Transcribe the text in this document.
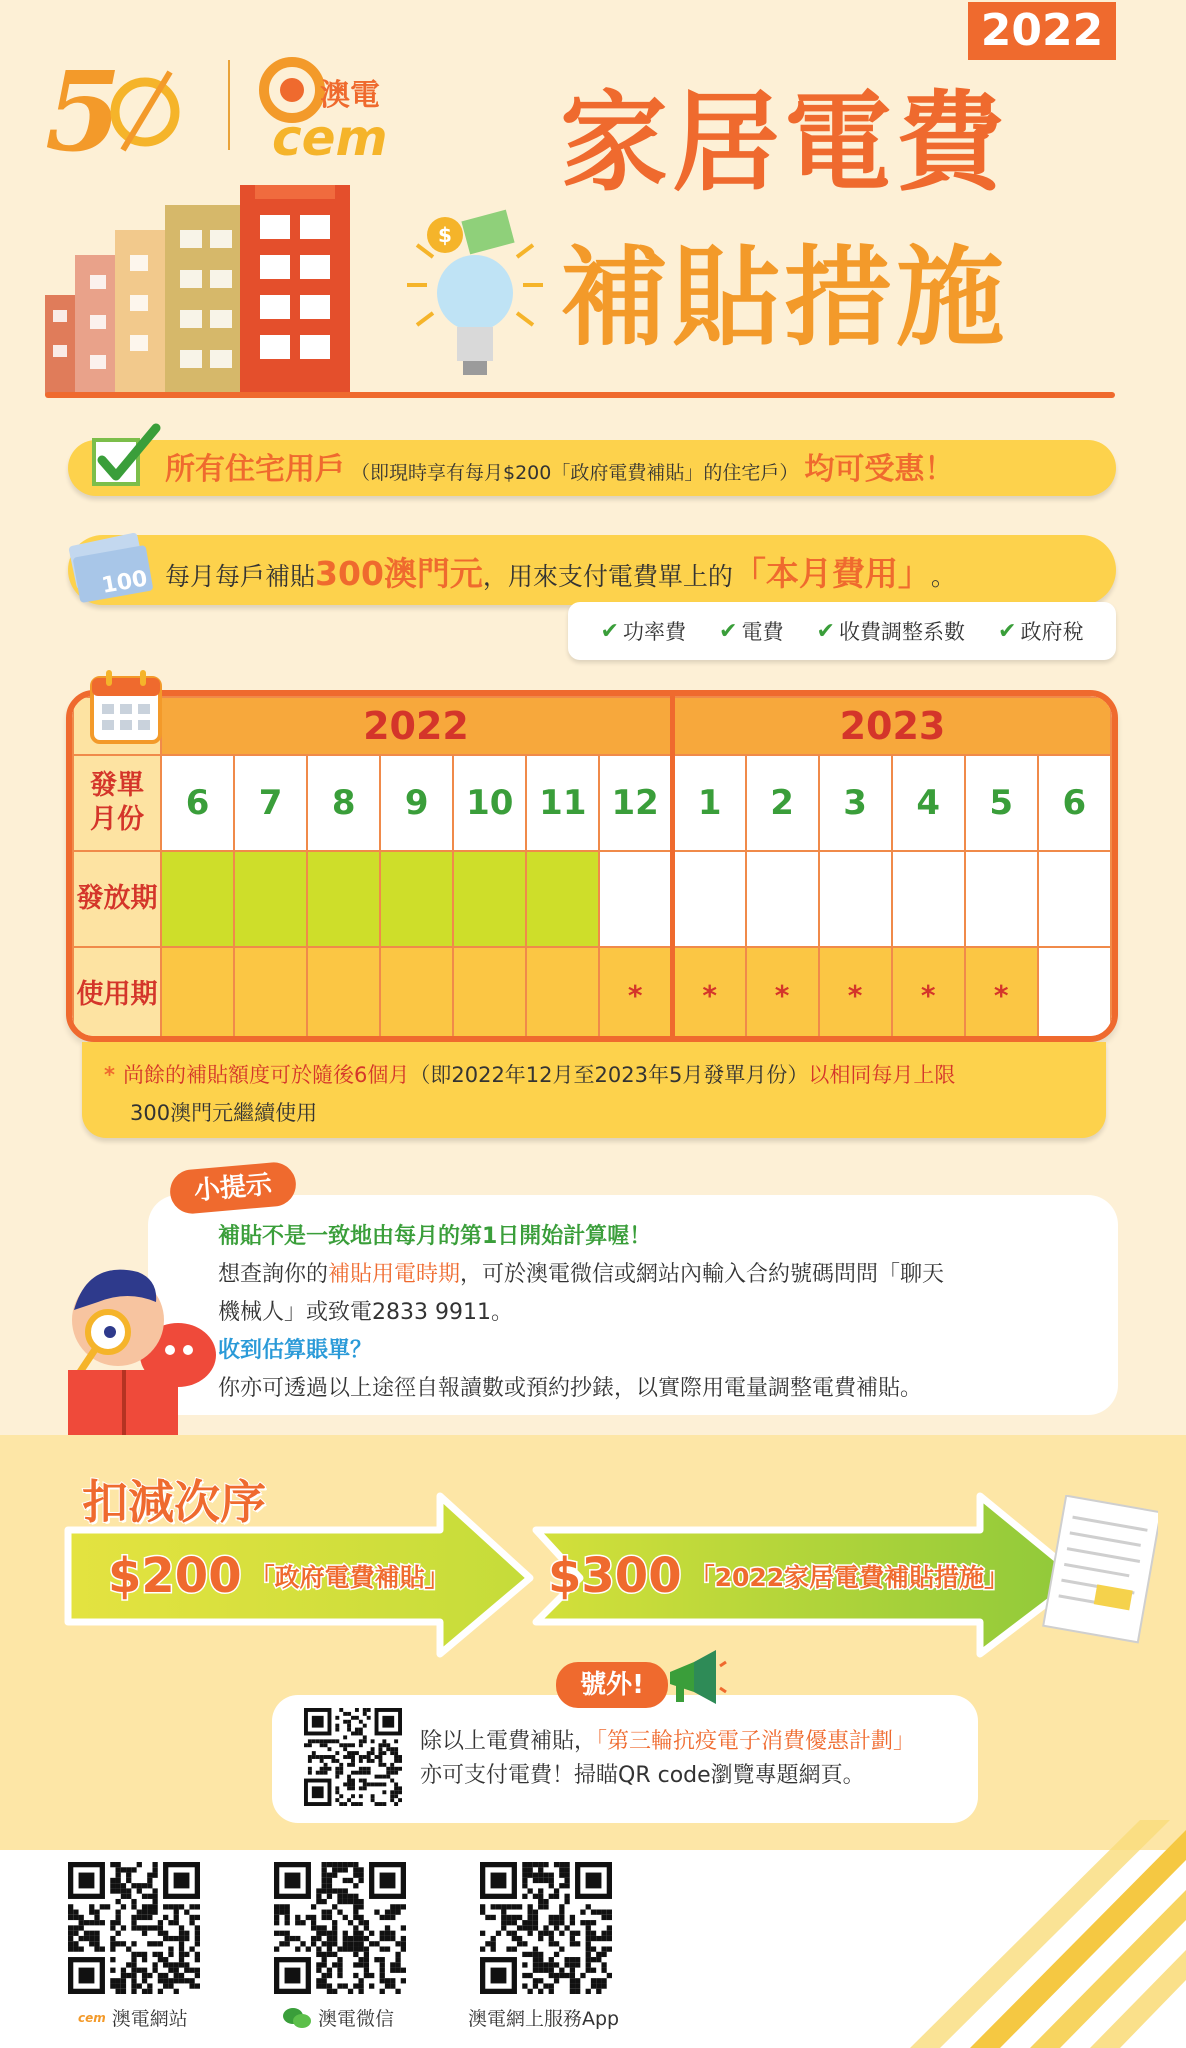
2022
5	澳電
cem 家居電費
補貼措施
$
所有住宅用戶 （即現時享有每月$200「政府電費補貼」的住宅戶） 均可受惠！
100 每月每戶補貼 300澳門元 ，用來支付電費單上的 「本月費用」 。
✔ 功率費 ✔ 電費 ✔ 收費調整系數 ✔ 政府稅
	2022							2023					
發單
月份	6	7	8	9	10	11	12	1	2	3	4	5	6
發放期													
使用期							*	*	*	*	*	*	
* 尚餘的補貼額度可於隨後6個月（即2022年12月至2023年5月發單月份）以相同每月上限
300澳門元繼續使用
小提示
補貼不是一致地由每月的第1日開始計算喔！
想查詢你的補貼用電時期，可於澳電微信或網站內輸入合約號碼問問「聊天
機械人」或致電2833 9911。
收到估算賬單？
你亦可透過以上途徑自報讀數或預約抄錶，以實際用電量調整電費補貼。
扣減次序
$200 「政府電費補貼」 $300 「2022家居電費補貼措施」
號外!
除以上電費補貼，「第三輪抗疫電子消費優惠計劃」
亦可支付電費！掃瞄QR code瀏覽專題網頁。
cem 澳電網站	澳電微信	澳電網上服務App
